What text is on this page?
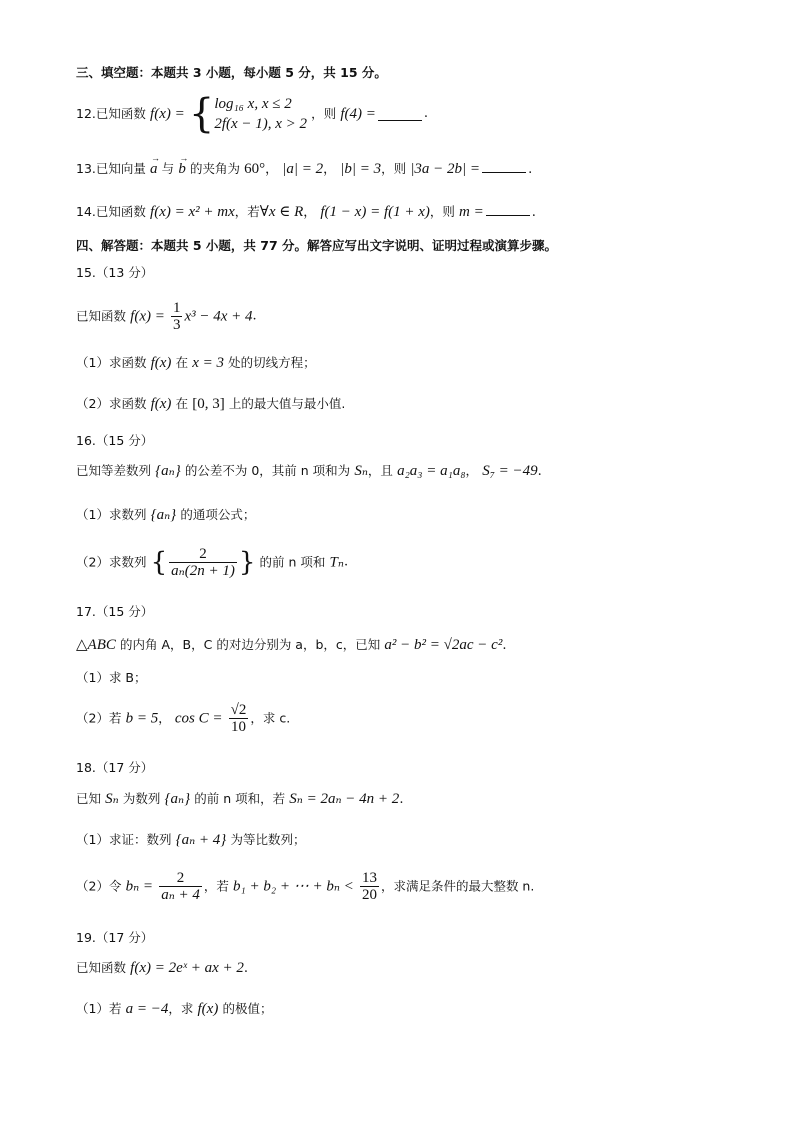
三、填空题：本题共 3 小题，每小题 5 分，共 15 分。
12.已知函数 f(x) = { log₁₆ x, x ≤ 2
2f(x − 1), x > 2
，则 f(4) =	.
13.已知向量 → a 与 → b 的夹角为 60°， |a| = 2， |b| = 3，则 |3a − 2b| =	.
14.已知函数 f(x) = x² + mx，若∀x ∈ R， f(1 − x) = f(1 + x)，则 m =	.
四、解答题：本题共 5 小题，共 77 分。解答应写出文字说明、证明过程或演算步骤。
15.（13 分）
已知函数 $f(x) = \frac{1}{3} x^3 - 4x + 4$.
（1）求函数 f(x) 在 x = 3 处的切线方程；
（2）求函数 f(x) 在 [0, 3] 上的最大值与最小值.
16.（15 分）
已知等差数列 {aₙ} 的公差不为 0，其前 n 项和为 Sₙ，且 a₂a₃ = a₁a₈， S₇ = −49.
（1）求数列 {aₙ} 的通项公式；
（2）求数列 { $\frac{2}{\text{aₙ(2n + 1)}}$ } 的前 n 项和 Tₙ.
17.（15 分）
△ABC 的内角 A，B，C 的对边分别为 a，b，c，已知 a² − b² = √2ac − c².
（1）求 B；
（2）若 b = 5， $\cos C = \frac{√2}{10}$ ，求 c.
18.（17 分）
已知 Sₙ 为数列 {aₙ} 的前 n 项和，若 Sₙ = 2aₙ − 4n + 2.
（1）求证：数列 {aₙ + 4} 为等比数列；
（2）令 $b_n = \frac{2}{\text{aₙ + 4}}$ ，若 b₁ + b₂ + ⋯ + $b_n < \frac{13}{20}$ ，求满足条件的最大整数 n.
19.（17 分）
已知函数 f(x) = 2eˣ + ax + 2.
（1）若 a = −4，求 f(x) 的极值；
